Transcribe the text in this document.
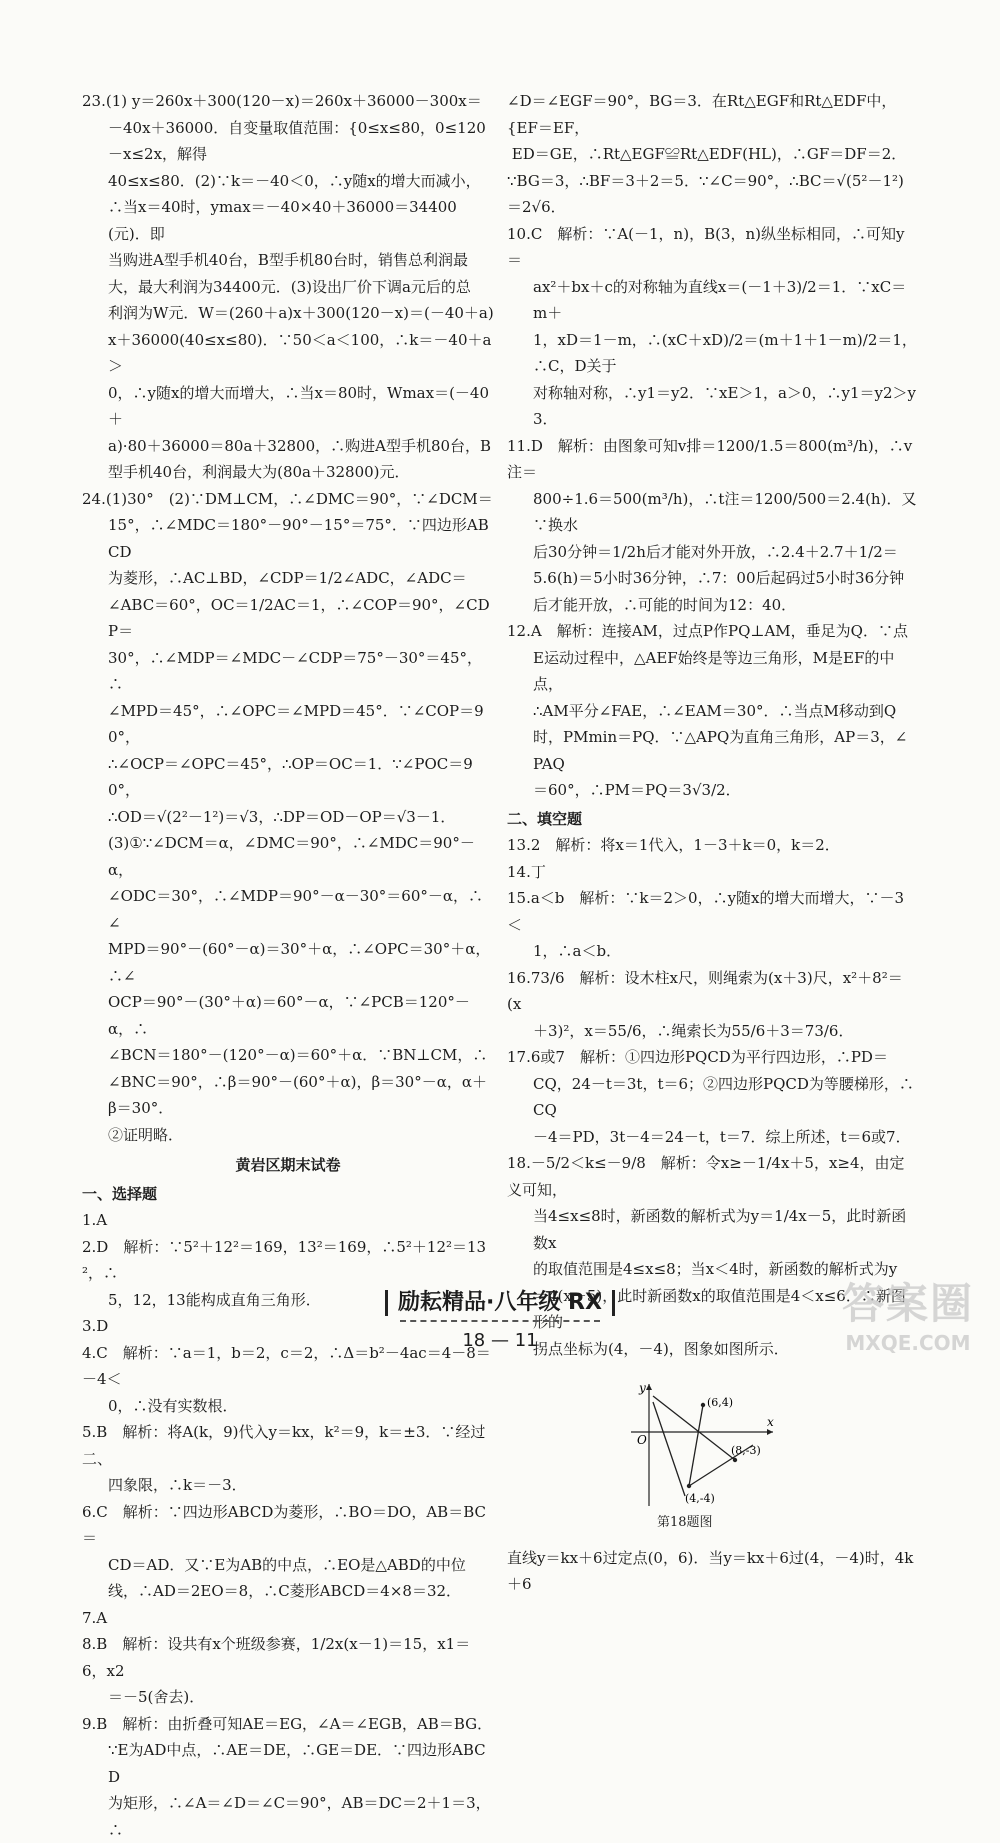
23.(1) y＝260x＋300(120－x)＝260x＋36000－300x＝

－40x＋36000．自变量取值范围：{0≤x≤80，0≤120－x≤2x，解得

40≤x≤80．(2)∵k＝－40＜0，∴y随x的增大而减小，

∴当x＝40时，ymax＝－40×40＋36000＝34400(元)．即

当购进A型手机40台，B型手机80台时，销售总利润最

大，最大利润为34400元．(3)设出厂价下调a元后的总

利润为W元．W＝(260＋a)x＋300(120－x)＝(－40＋a)

x＋36000(40≤x≤80)．∵50＜a＜100，∴k＝－40＋a＞

0，∴y随x的增大而增大，∴当x＝80时，Wmax＝(－40＋

a)·80＋36000＝80a＋32800，∴购进A型手机80台，B

型手机40台，利润最大为(80a＋32800)元．

24.(1)30°　(2)∵DM⊥CM，∴∠DMC＝90°，∵∠DCM＝

15°，∴∠MDC＝180°－90°－15°＝75°．∵四边形ABCD

为菱形，∴AC⊥BD，∠CDP＝1/2∠ADC，∠ADC＝

∠ABC＝60°，OC＝1/2AC＝1，∴∠COP＝90°，∠CDP＝

30°，∴∠MDP＝∠MDC－∠CDP＝75°－30°＝45°，∴

∠MPD＝45°，∴∠OPC＝∠MPD＝45°．∵∠COP＝90°，

∴∠OCP＝∠OPC＝45°，∴OP＝OC＝1．∵∠POC＝90°，

∴OD＝√(2²－1²)＝√3，∴DP＝OD－OP＝√3－1．

(3)①∵∠DCM＝α，∠DMC＝90°，∴∠MDC＝90°－α，

∠ODC＝30°，∴∠MDP＝90°－α－30°＝60°－α，∴∠

MPD＝90°－(60°－α)＝30°＋α，∴∠OPC＝30°＋α，∴∠

OCP＝90°－(30°＋α)＝60°－α，∵∠PCB＝120°－α，∴

∠BCN＝180°－(120°－α)＝60°＋α．∵BN⊥CM，∴

∠BNC＝90°，∴β＝90°－(60°＋α)，β＝30°－α，α＋β＝30°．

②证明略．

黄岩区期末试卷

一、选择题

1.A

2.D　解析：∵5²＋12²＝169，13²＝169，∴5²＋12²＝13²，∴

5，12，13能构成直角三角形．

3.D

4.C　解析：∵a＝1，b＝2，c＝2，∴Δ＝b²－4ac＝4－8＝－4＜

0，∴没有实数根．

5.B　解析：将A(k，9)代入y＝kx，k²＝9，k＝±3．∵经过二、

四象限，∴k＝－3．

6.C　解析：∵四边形ABCD为菱形，∴BO＝DO，AB＝BC＝

CD＝AD．又∵E为AB的中点，∴EO是△ABD的中位

线，∴AD＝2EO＝8，∴C菱形ABCD＝4×8＝32．

7.A

8.B　解析：设共有x个班级参赛，1/2x(x－1)＝15，x1＝6，x2

＝－5(舍去)．

9.B　解析：由折叠可知AE＝EG，∠A＝∠EGB，AB＝BG．

∵E为AD中点，∴AE＝DE，∴GE＝DE．∵四边形ABCD

为矩形，∴∠A＝∠D＝∠C＝90°，AB＝DC＝2＋1＝3，∴

∠D＝∠EGF＝90°，BG＝3．在Rt△EGF和Rt△EDF中，

{EF＝EF，

ED＝GE，∴Rt△EGF≌Rt△EDF(HL)，∴GF＝DF＝2．

∵BG＝3，∴BF＝3＋2＝5．∵∠C＝90°，∴BC＝√(5²－1²)

＝2√6．

10.C　解析：∵A(－1，n)，B(3，n)纵坐标相同，∴可知y＝

ax²＋bx＋c的对称轴为直线x＝(－1＋3)/2＝1．∵xC＝m＋

1，xD＝1－m，∴(xC＋xD)/2＝(m＋1＋1－m)/2＝1，∴C，D关于

对称轴对称，∴y1＝y2．∵xE＞1，a＞0，∴y1＝y2＞y3．

11.D　解析：由图象可知v排＝1200/1.5＝800(m³/h)，∴v注＝

800÷1.6＝500(m³/h)，∴t注＝1200/500＝2.4(h)．又∵换水

后30分钟＝1/2h后才能对外开放，∴2.4＋2.7＋1/2＝

5.6(h)＝5小时36分钟，∴7：00后起码过5小时36分钟

后才能开放，∴可能的时间为12：40．

12.A　解析：连接AM，过点P作PQ⊥AM，垂足为Q．∵点

E运动过程中，△AEF始终是等边三角形，M是EF的中点，

∴AM平分∠FAE，∴∠EAM＝30°．∴当点M移动到Q

时，PMmin＝PQ．∵△APQ为直角三角形，AP＝3，∠PAQ

＝60°，∴PM＝PQ＝3√3/2．

二、填空题

13.2　解析：将x＝1代入，1－3＋k＝0，k＝2．

14.丁

15.a＜b　解析：∵k＝2＞0，∴y随x的增大而增大，∵－3＜

1，∴a＜b．

16.73/6　解析：设木柱x尺，则绳索为(x＋3)尺，x²＋8²＝(x

＋3)²，x＝55/6，∴绳索长为55/6＋3＝73/6．

17.6或7　解析：①四边形PQCD为平行四边形，∴PD＝

CQ，24－t＝3t，t＝6；②四边形PQCD为等腰梯形，∴CQ

－4＝PD，3t－4＝24－t，t＝7．综上所述，t＝6或7．

18.－5/2＜k≤－9/8　解析：令x≥－1/4x＋5，x≥4，由定义可知，

当4≤x≤8时，新函数的解析式为y＝1/4x－5，此时新函数x

的取值范围是4≤x≤8；当x＜4时，新函数的解析式为y

＝4(x－5)，此时新函数x的取值范围是4＜x≤6．∴新图形的

拐点坐标为(4，－4)，图象如图所示．

x
y
O
(6,4)
(8,-3)
(4,-4)

第18题图

直线y＝kx＋6过定点(0，6)．当y＝kx＋6过(4，－4)时，4k＋6

励耘精品·八年级 RX
18 — 11
答案圈
MXQE.COM
